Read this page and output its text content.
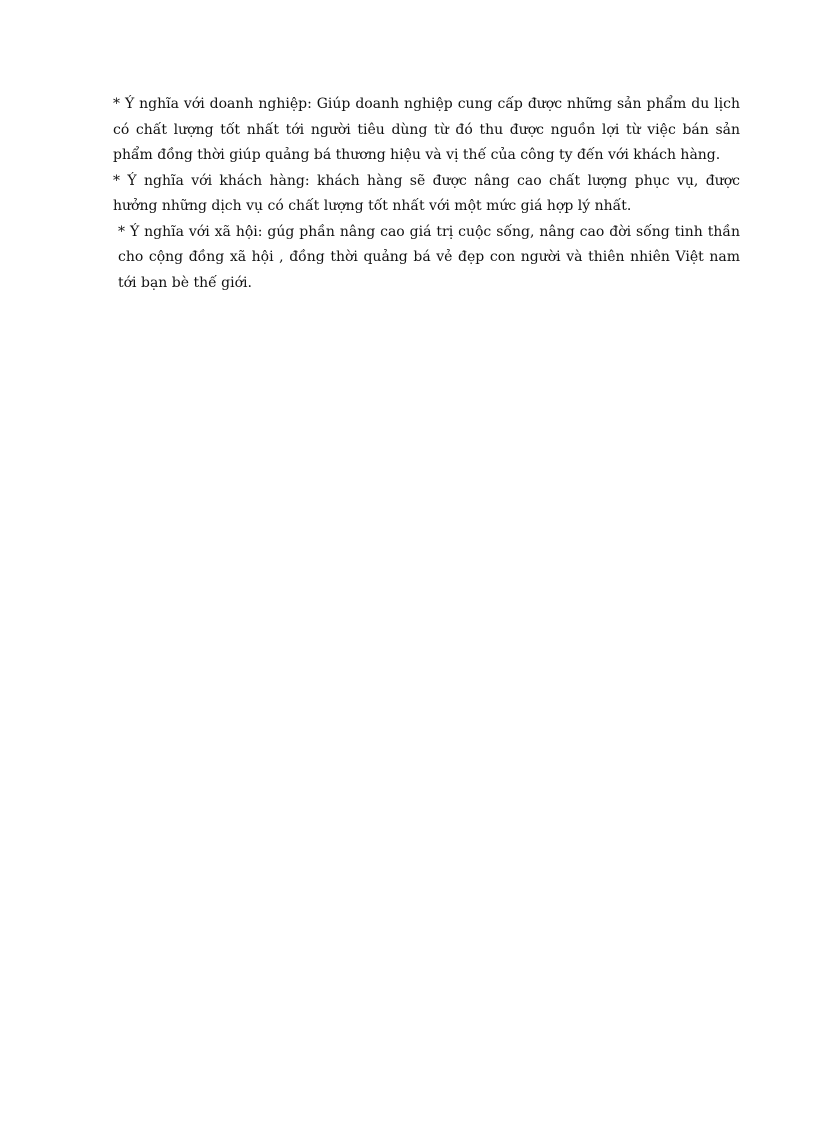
* Ý nghĩa với doanh nghiệp: Giúp doanh nghiệp cung cấp được những sản phẩm du lịch có chất lượng tốt nhất tới người tiêu dùng từ đó thu được nguồn lợi từ việc bán sản phẩm đồng thời giúp quảng bá thương hiệu và vị thế của công ty đến với khách hàng.

* Ý nghĩa với khách hàng: khách hàng sẽ được nâng cao chất lượng phục vụ, được hưởng những dịch vụ có chất lượng tốt nhất với một mức giá hợp lý nhất.

* Ý nghĩa với xã hội: gúg phần nâng cao giá trị cuộc sống, nâng cao đời sống tinh thần cho cộng đồng xã hội , đồng thời quảng bá vẻ đẹp con người và thiên nhiên Việt nam tới bạn bè thế giới.
